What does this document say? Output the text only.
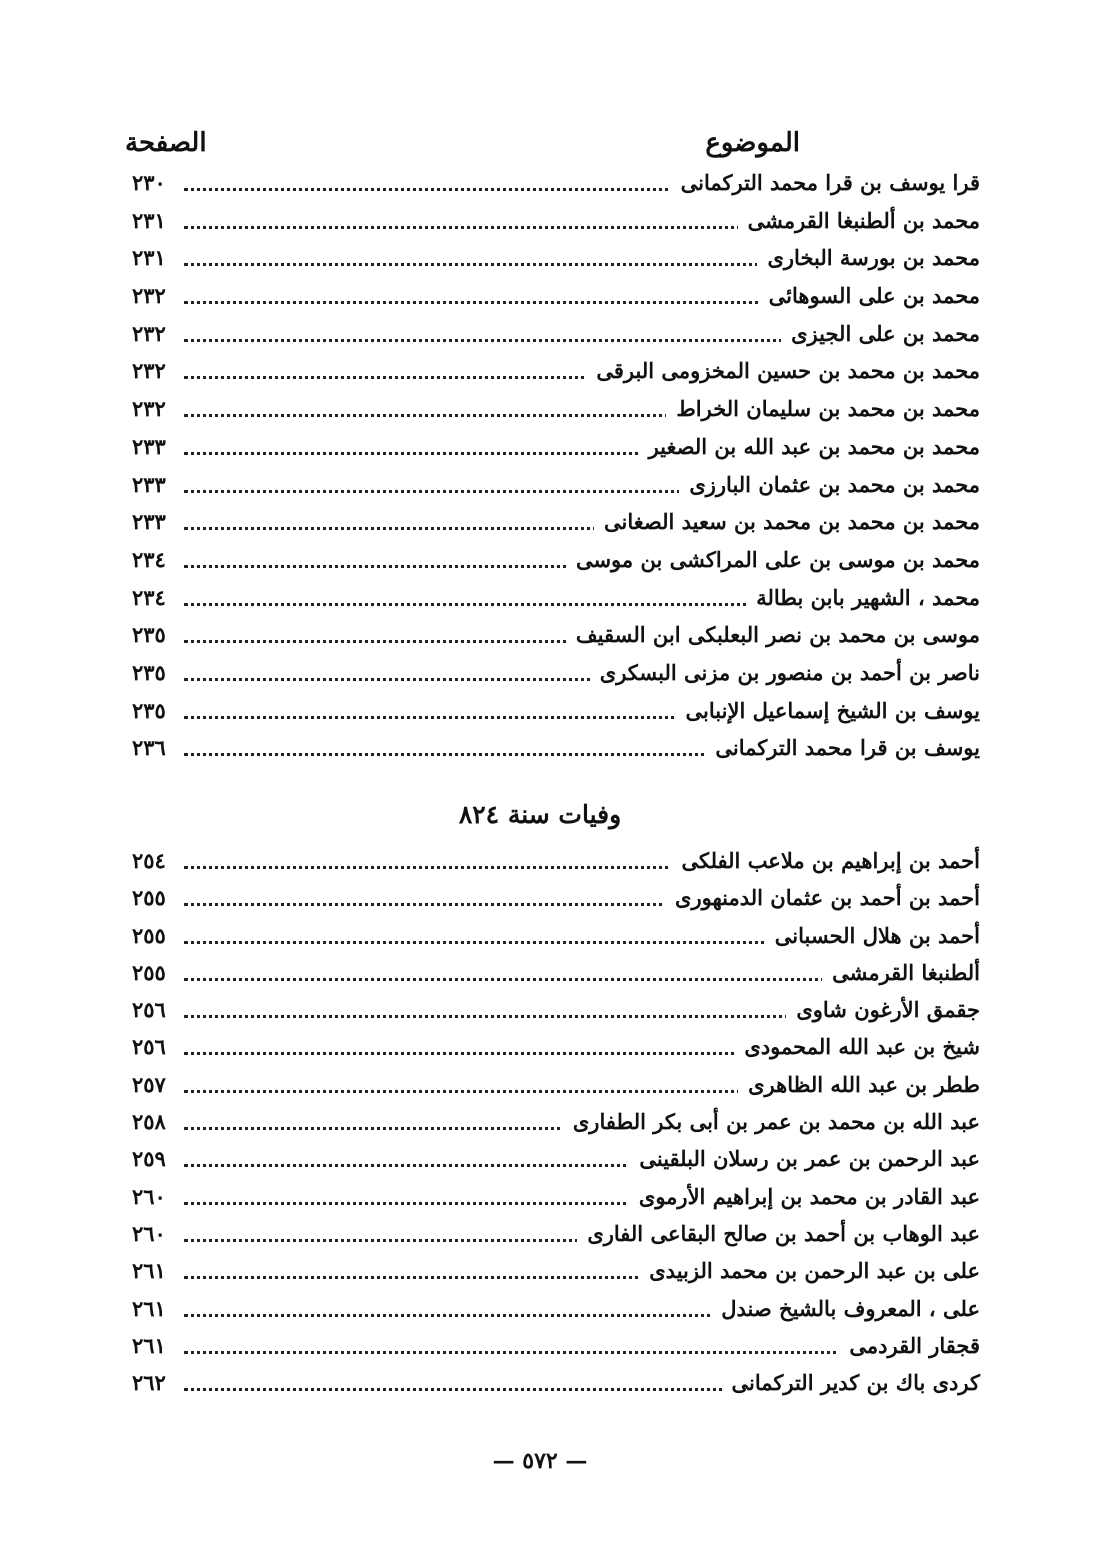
الموضوع
الصفحة
قرا يوسف بن قرا محمد التركمانى
٢٣٠
محمد بن ألطنبغا القرمشى
٢٣١
محمد بن بورسة البخارى
٢٣١
محمد بن على السوهائى
٢٣٢
محمد بن على الجيزى
٢٣٢
محمد بن محمد بن حسين المخزومى البرقى
٢٣٢
محمد بن محمد بن سليمان الخراط
٢٣٢
محمد بن محمد بن عبد الله بن الصغير
٢٣٣
محمد بن محمد بن عثمان البارزى
٢٣٣
محمد بن محمد بن محمد بن سعيد الصغانى
٢٣٣
محمد بن موسى بن على المراكشى بن موسى
٢٣٤
محمد ، الشهير بابن بطالة
٢٣٤
موسى بن محمد بن نصر البعلبكى ابن السقيف
٢٣٥
ناصر بن أحمد بن منصور بن مزنى البسكرى
٢٣٥
يوسف بن الشيخ إسماعيل الإنبابى
٢٣٥
يوسف بن قرا محمد التركمانى
٢٣٦
وفيات سنة ٨٢٤
أحمد بن إبراهيم بن ملاعب الفلكى
٢٥٤
أحمد بن أحمد بن عثمان الدمنهورى
٢٥٥
أحمد بن هلال الحسبانى
٢٥٥
ألطنبغا القرمشى
٢٥٥
جقمق الأرغون شاوى
٢٥٦
شيخ بن عبد الله المحمودى
٢٥٦
ططر بن عبد الله الظاهرى
٢٥٧
عبد الله بن محمد بن عمر بن أبى بكر الطفارى
٢٥٨
عبد الرحمن بن عمر بن رسلان البلقينى
٢٥٩
عبد القادر بن محمد بن إبراهيم الأرموى
٢٦٠
عبد الوهاب بن أحمد بن صالح البقاعى الفارى
٢٦٠
على بن عبد الرحمن بن محمد الزبيدى
٢٦١
على ، المعروف بالشيخ صندل
٢٦١
قجقار القردمى
٢٦١
كردى باك بن كدير التركمانى
٢٦٢
— ٥٧٢ —
